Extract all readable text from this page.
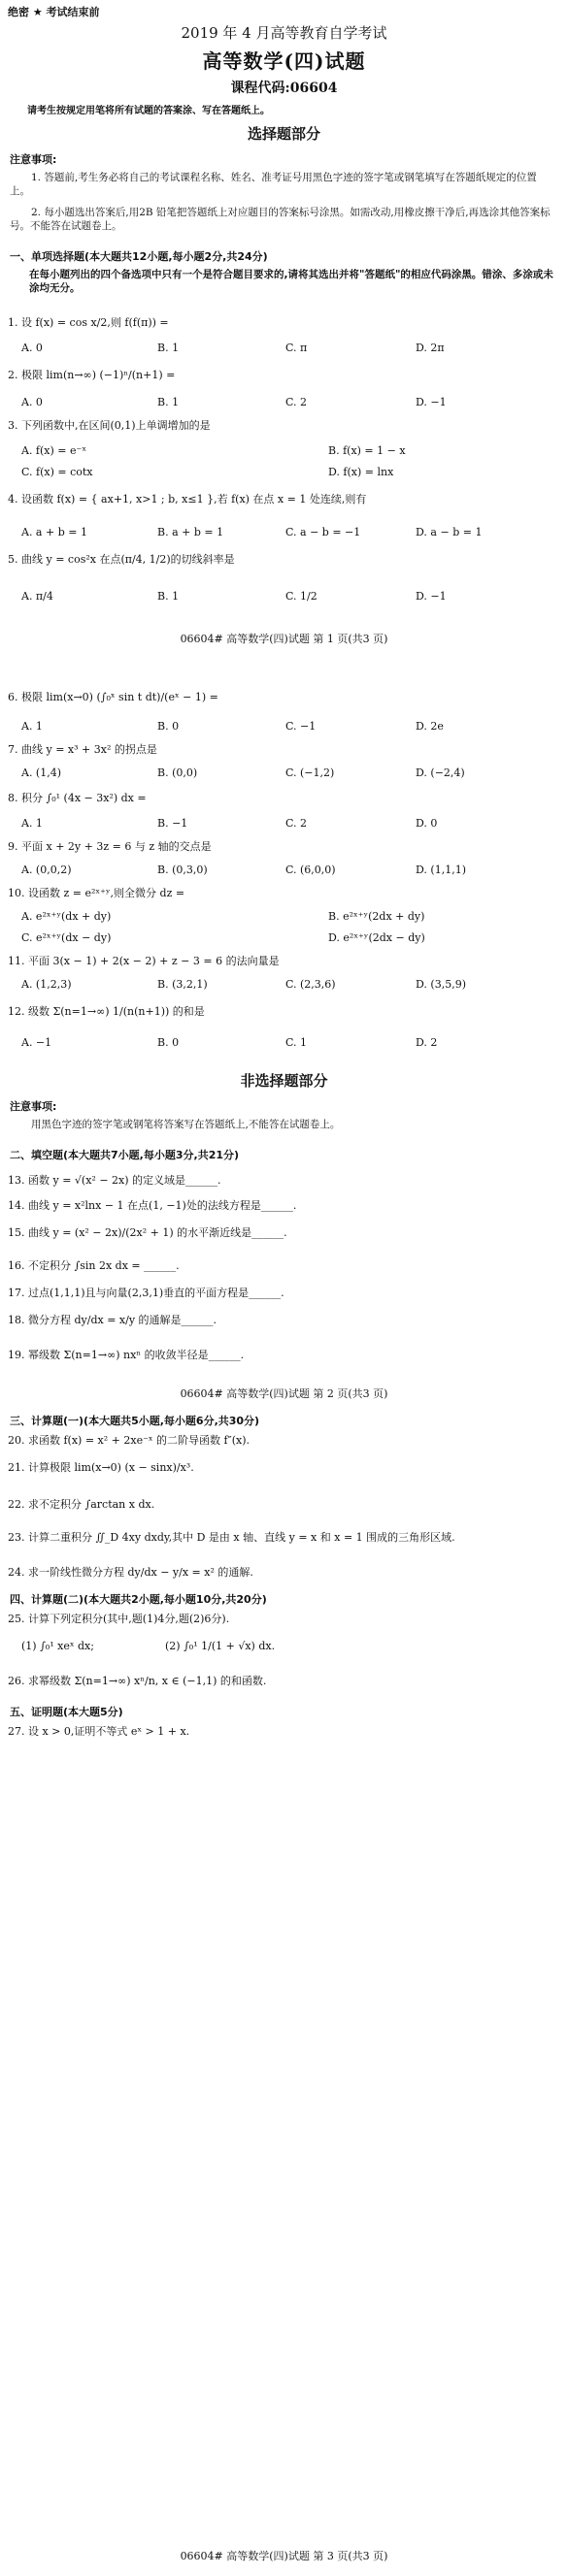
绝密 ★ 考试结束前
2019 年 4 月高等教育自学考试
高等数学(四)试题
课程代码:06604
请考生按规定用笔将所有试题的答案涂、写在答题纸上。
选择题部分
注意事项:
1. 答题前,考生务必将自己的考试课程名称、姓名、准考证号用黑色字迹的签字笔或钢笔填写在答题纸规定的位置上。
2. 每小题选出答案后,用2B 铅笔把答题纸上对应题目的答案标号涂黑。如需改动,用橡皮擦干净后,再选涂其他答案标号。不能答在试题卷上。
一、单项选择题(本大题共12小题,每小题2分,共24分)
在每小题列出的四个备选项中只有一个是符合题目要求的,请将其选出并将"答题纸"的相应代码涂黑。错涂、多涂或未涂均无分。
1. 设 f(x) = cos x/2,则 f(f(π)) =
A. 0	B. 1	C. π	D. 2π
2. 极限 lim(n→∞) (−1)ⁿ/(n+1) =
A. 0	B. 1	C. 2	D. −1
3. 下列函数中,在区间(0,1)上单调增加的是
A. f(x) = e⁻ˣ	B. f(x) = 1 − x
C. f(x) = cotx	D. f(x) = lnx
4. 设函数 f(x) = { ax+1, x>1 ; b, x≤1 },若 f(x) 在点 x = 1 处连续,则有
A. a + b = 1	B. a + b = 1	C. a − b = −1	D. a − b = 1
5. 曲线 y = cos²x 在点(π/4, 1/2)的切线斜率是
A. π/4	B. 1	C. 1/2	D. −1
06604# 高等数学(四)试题 第 1 页(共3 页)
6. 极限 lim(x→0) (∫₀ˣ sin t dt)/(eˣ − 1) =
A. 1	B. 0	C. −1	D. 2e
7. 曲线 y = x³ + 3x² 的拐点是
A. (1,4)	B. (0,0)	C. (−1,2)	D. (−2,4)
8. 积分 ∫₀¹ (4x − 3x²) dx =
A. 1	B. −1	C. 2	D. 0
9. 平面 x + 2y + 3z = 6 与 z 轴的交点是
A. (0,0,2)	B. (0,3,0)	C. (6,0,0)	D. (1,1,1)
10. 设函数 z = e²ˣ⁺ʸ,则全微分 dz =
A. e²ˣ⁺ʸ(dx + dy)	B. e²ˣ⁺ʸ(2dx + dy)
C. e²ˣ⁺ʸ(dx − dy)	D. e²ˣ⁺ʸ(2dx − dy)
11. 平面 3(x − 1) + 2(x − 2) + z − 3 = 6 的法向量是
A. (1,2,3)	B. (3,2,1)	C. (2,3,6)	D. (3,5,9)
12. 级数 Σ(n=1→∞) 1/(n(n+1)) 的和是
A. −1	B. 0	C. 1	D. 2
非选择题部分
注意事项:
用黑色字迹的签字笔或钢笔将答案写在答题纸上,不能答在试题卷上。
二、填空题(本大题共7小题,每小题3分,共21分)
13. 函数 y = √(x² − 2x) 的定义域是______.
14. 曲线 y = x²lnx − 1 在点(1, −1)处的法线方程是______.
15. 曲线 y = (x² − 2x)/(2x² + 1) 的水平渐近线是______.
16. 不定积分 ∫sin 2x dx = ______.
17. 过点(1,1,1)且与向量(2,3,1)垂直的平面方程是______.
18. 微分方程 dy/dx = x/y 的通解是______.
19. 幂级数 Σ(n=1→∞) nxⁿ 的收敛半径是______.
06604# 高等数学(四)试题 第 2 页(共3 页)
三、计算题(一)(本大题共5小题,每小题6分,共30分)
20. 求函数 f(x) = x² + 2xe⁻ˣ 的二阶导函数 f″(x).
21. 计算极限 lim(x→0) (x − sinx)/x³.
22. 求不定积分 ∫arctan x dx.
23. 计算二重积分 ∬_D 4xy dxdy,其中 D 是由 x 轴、直线 y = x 和 x = 1 围成的三角形区域.
24. 求一阶线性微分方程 dy/dx − y/x = x² 的通解.
四、计算题(二)(本大题共2小题,每小题10分,共20分)
25. 计算下列定积分(其中,题(1)4分,题(2)6分).
(1) ∫₀¹ xeˣ dx;	(2) ∫₀¹ 1/(1 + √x) dx.
26. 求幂级数 Σ(n=1→∞) xⁿ/n, x ∈ (−1,1) 的和函数.
五、证明题(本大题5分)
27. 设 x > 0,证明不等式 eˣ > 1 + x.
06604# 高等数学(四)试题 第 3 页(共3 页)
